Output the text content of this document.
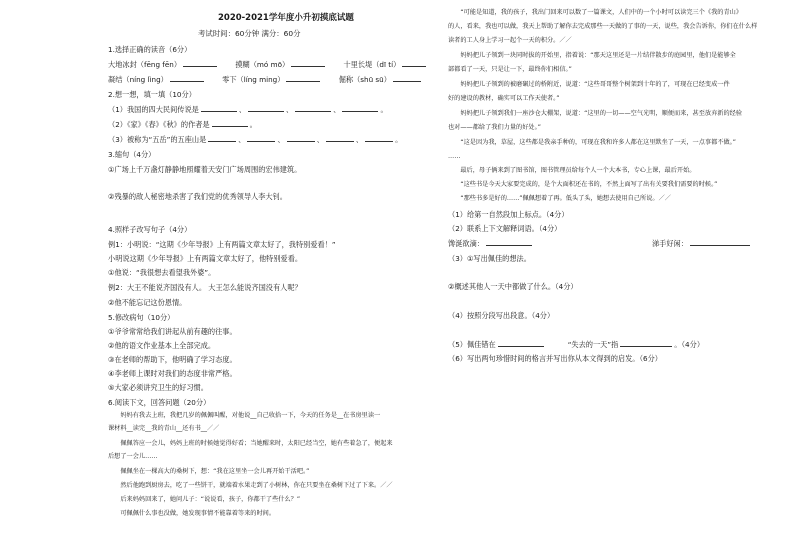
2020-2021学年度小升初摸底试题
考试时间：60分钟 满分：60分
1.选择正确的读音（6分）
大地冰封（fēng fēn）	摸糊（mó mō）	十里长堤（dī tí）
凝结（níng lìng）	零下（líng ming）	倔称（shū sū）
2.想一想，填一填（10分）
（1）我国的四大民间传说是	、	、	、	。
（2）《家》《春》《秋》的作者是	。
（3）被称为“五岳”的五座山是	、	、	、	、	。
3.缩句（4分）
①广场上千万盏灯静静地照耀着天安门广场周围的宏伟建筑。
②残暴的敌人秘密地杀害了我们党的优秀领导人李大钊。
4.照样子改写句子（4分）
例1：小明说：“这期《少年导报》上有两篇文章太好了，我特别爱看！”
小明说这期《少年导报》上有两篇文章太好了，他特别爱看。
①他说：“我很想去看望我外婆”。
例2：大王不能说齐国没有人。 大王怎么能说齐国没有人呢？
②他不能忘记这份恩情。
5.修改病句（10分）
①爷爷常常给我们讲起从前有趣的往事。
②他的语文作业基本上全部完成。
③在老师的帮助下，他明确了学习态度。
④李老师上课时对我们的态度非常严格。
⑤大家必须讲究卫生的好习惯。
6.阅读下文，回答问题（20分）
　　妈妈有我去上班，我把几岁的佩佩叫醒，对他说__自己收拾一下，今天的任务是__在书房里读一
课材料__读完__我的青山__还有书__／／
　　佩佩答应一会儿，妈妈上班的时候她觉得好看；当她醒来时，太阳已经当空，她有些着急了，便起来
后想了一会儿……
　　佩佩坐在一棵高大的桑树下，想：“我在这里坐一会儿再开始干活吧。”
　　然后他跑到厨房去，吃了一些饼干，就端着水果走到了小树林，你在只要坐在桑树下过了下来。／／
　　后来妈妈回来了，她问儿子：“说说看，孩子，你都干了些什么？”
　　可佩佩什么事也没做，她发现事情不能靠着等来的时间。
　　“可能是知道，我的孩子，我出门回来可以数了一篇课文，人们中的一个小时可以读完三个《我的青山》
的人，看来，我也可以做，我天上帮助了解你去完成那些一天做的了事的一天，说些，我会告诉你，你们在什么样
读者的工人身上学习一起个一天的积分。／／
　　妈妈把儿子领到一块同时拔的开始里，指着说：“那天这里还是一片结伴散步的庭园里，他们是能够全
部都看了一天，只是让一下，最终你们相信。”
　　妈妈把儿子领到的被磨碾过的桥附近，说道：“这些哥哥整个树架到十年的了，可现在已经变成一件
好的建设的教材，确实可以工作天使者。”
　　妈妈把儿子领到我们一座沙仓大棚架，说道：“这里的一切——空气光明，顺便而来，甚至放弃新的经验
也对——都给了我们力量的好处。”
　　“这是因为我，草屋，这些都是我亲手种的，可现在我和许多人都在这里默坐了一天，一点事都不做。”
……
　　最后，母子俩来到了图书馆，图书管理员给每个人一个大本书，专心上课，最后开始。
　　“这些书是今天大家要完成的，是个大面积还在书的，不然上面写了出有关要我们需要的时候。”
　　“那些书多是好的……”佩佩想着了再。低头了头，她想去使用自己所说。／／
（1）给第一自然段加上标点。（4分）
（2）联系上下文解释词语。（4分）
馋涎欲滴：	涕手好闲：
（3）①写出佩佳的想法。
②概述其他人一天中都做了什么。（4分）
（4）按照分段写出段意。（4分）
（5）佩佳错在	“失去的一天”指	。（4分）
（6）写出两句珍惜时间的格言并写出你从本文得到的启发。（6分）
